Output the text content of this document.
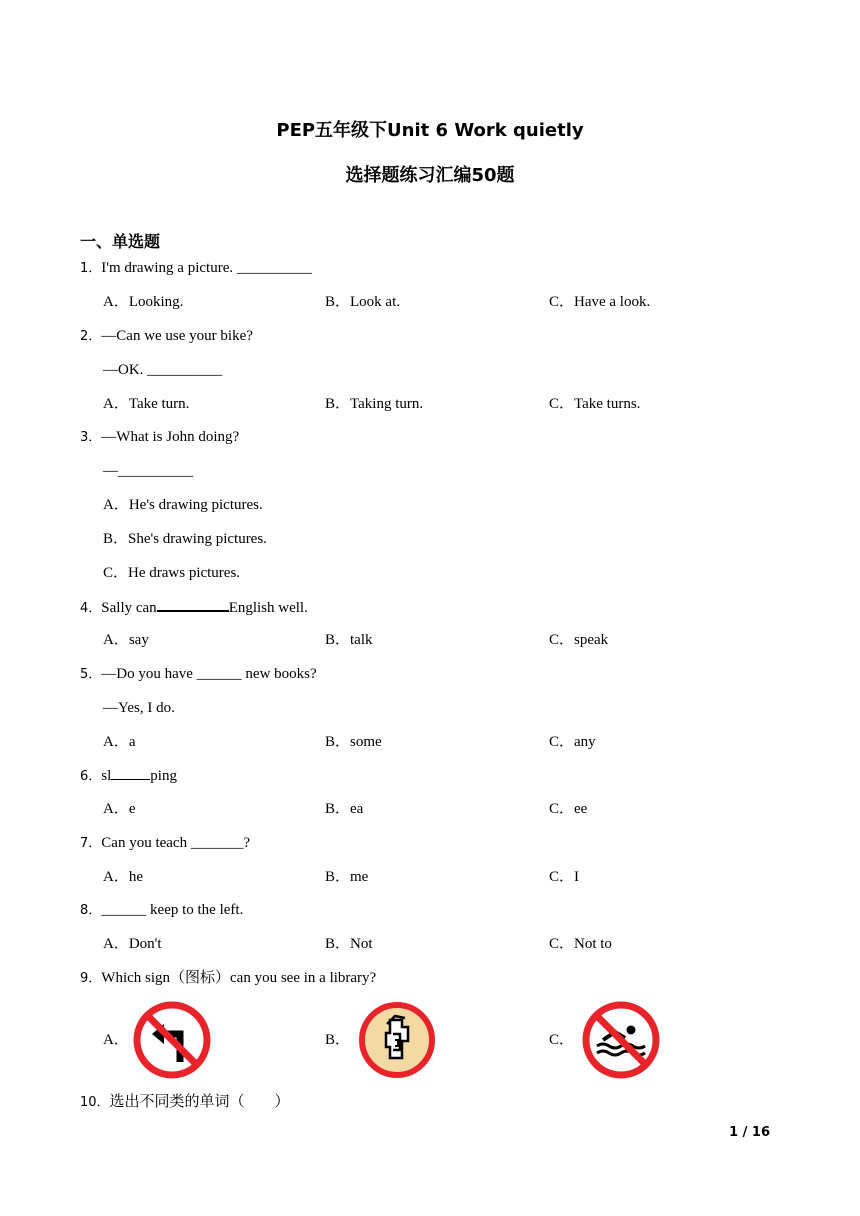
PEP五年级下Unit 6 Work quietly
选择题练习汇编50题
一、单选题
1．I'm drawing a picture. __________
A．Looking.	B．Look at.	C．Have a look.
2．—Can we use your bike?
—OK. __________
A．Take turn.	B．Taking turn.	C．Take turns.
3．—What is John doing?
—__________
A．He's drawing pictures.
B．She's drawing pictures.
C．He draws pictures.
4．Sally can	English well.
A．say	B．talk	C．speak
5．—Do you have ______ new books?
—Yes, I do.
A．a	B．some	C．any
6．sl	ping
A．e	B．ea	C．ee
7．Can you teach _______?
A．he	B．me	C．I
8．______ keep to the left.
A．Don't	B．Not	C．Not to
9．Which sign（图标）can you see in a library?
A．	B．	C．
10．选出不同类的单词（　　）
1 / 16
